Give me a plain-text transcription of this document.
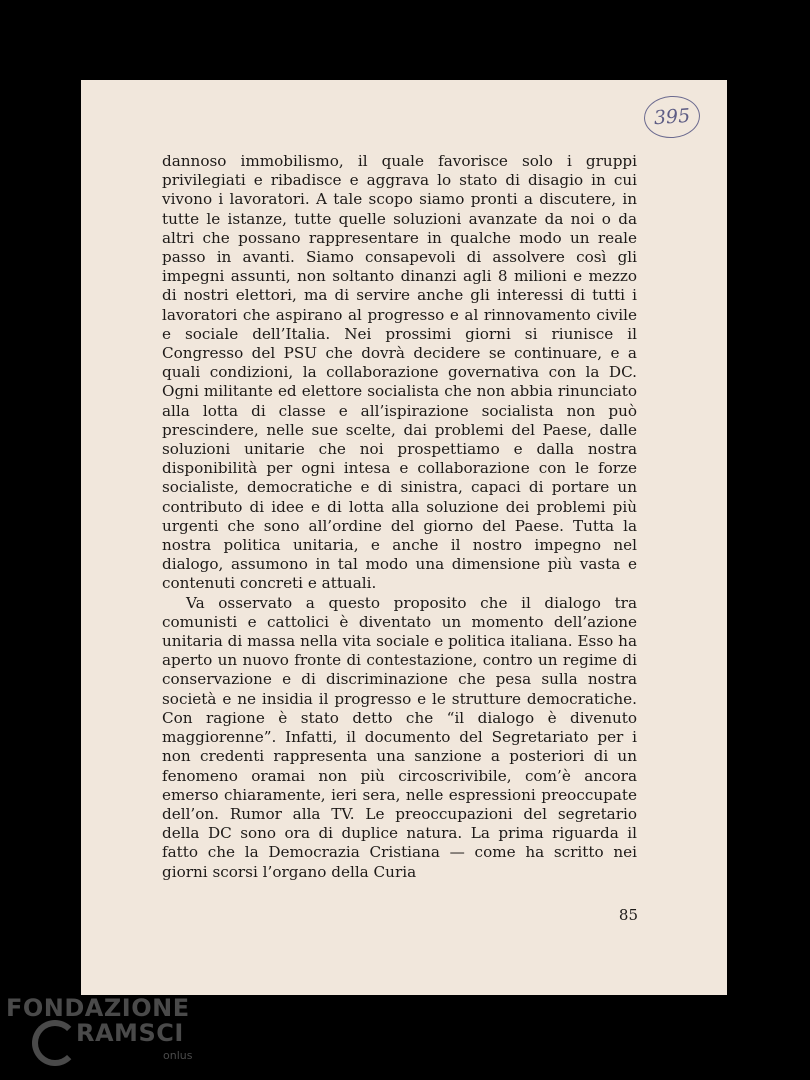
395

dannoso immobilismo, il quale favorisce solo i gruppi privilegiati e ribadisce e aggrava lo stato di disagio in cui vivono i lavoratori. A tale scopo siamo pronti a discutere, in tutte le istanze, tutte quelle soluzioni avanzate da noi o da altri che possano rappresentare in qualche modo un reale passo in avanti. Siamo consapevoli di assolvere così gli impegni assunti, non soltanto dinanzi agli 8 milioni e mezzo di nostri elettori, ma di servire anche gli interessi di tutti i lavoratori che aspirano al progresso e al rinnovamento civile e sociale dell’Italia. Nei prossimi giorni si riunisce il Congresso del PSU che dovrà decidere se continuare, e a quali condizioni, la collaborazione governativa con la DC. Ogni militante ed elettore socialista che non abbia rinunciato alla lotta di classe e all’ispirazione socialista non può prescindere, nelle sue scelte, dai problemi del Paese, dalle soluzioni unitarie che noi prospettiamo e dalla nostra disponibilità per ogni intesa e collaborazione con le forze socialiste, democratiche e di sinistra, capaci di portare un contributo di idee e di lotta alla soluzione dei problemi più urgenti che sono all’ordine del giorno del Paese. Tutta la nostra politica unitaria, e anche il nostro impegno nel dialogo, assumono in tal modo una dimensione più vasta e contenuti concreti e attuali.

Va osservato a questo proposito che il dialogo tra comunisti e cattolici è diventato un momento dell’azione unitaria di massa nella vita sociale e politica italiana. Esso ha aperto un nuovo fronte di contestazione, contro un regime di conservazione e di discriminazione che pesa sulla nostra società e ne insidia il progresso e le strutture democratiche. Con ragione è stato detto che “il dialogo è divenuto maggiorenne”. Infatti, il documento del Segretariato per i non credenti rappresenta una sanzione a posteriori di un fenomeno oramai non più circoscrivibile, com’è ancora emerso chiaramente, ieri sera, nelle espressioni preoccupate dell’on. Rumor alla TV. Le preoccupazioni del segretario della DC sono ora di duplice natura. La prima riguarda il fatto che la Democrazia Cristiana — come ha scritto nei giorni scorsi l’organo della Curia

85
FONDAZIONE
RAMSCI
onlus
